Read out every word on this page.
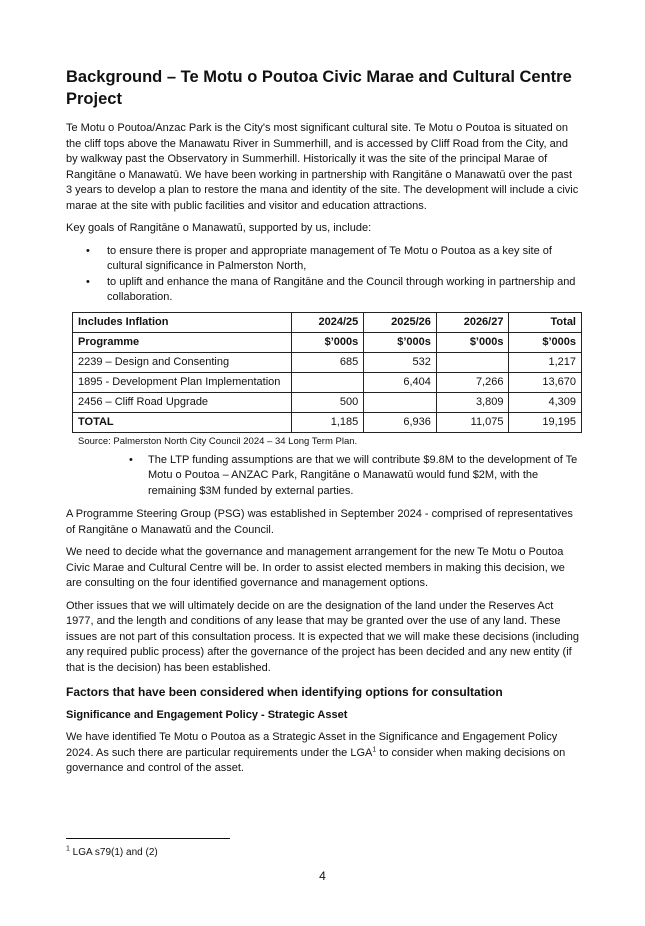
Background – Te Motu o Poutoa Civic Marae and Cultural Centre Project

Te Motu o Poutoa/Anzac Park is the City's most significant cultural site. Te Motu o Poutoa is situated on the cliff tops above the Manawatu River in Summerhill, and is accessed by Cliff Road from the City, and by walkway past the Observatory in Summerhill. Historically it was the site of the principal Marae of Rangitāne o Manawatū. We have been working in partnership with Rangitāne o Manawatū over the past 3 years to develop a plan to restore the mana and identity of the site. The development will include a civic marae at the site with public facilities and visitor and education attractions.

Key goals of Rangitāne o Manawatū, supported by us, include:

• to ensure there is proper and appropriate management of Te Motu o Poutoa as a key site of cultural significance in Palmerston North,
• to uplift and enhance the mana of Rangitāne and the Council through working in partnership and collaboration.
Includes Inflation	2024/25	2025/26	2026/27	Total
Programme	$’000s	$’000s	$’000s	$’000s
2239 – Design and Consenting	685	532		1,217
1895 - Development Plan Implementation		6,404	7,266	13,670
2456 – Cliff Road Upgrade	500		3,809	4,309
TOTAL	1,185	6,936	11,075	19,195
Source: Palmerston North City Council 2024 – 34 Long Term Plan.
• The LTP funding assumptions are that we will contribute $9.8M to the development of Te Motu o Poutoa – ANZAC Park, Rangitāne o Manawatū would fund $2M, with the remaining $3M funded by external parties.

A Programme Steering Group (PSG) was established in September 2024 - comprised of representatives of Rangitāne o Manawatū and the Council.

We need to decide what the governance and management arrangement for the new Te Motu o Poutoa Civic Marae and Cultural Centre will be. In order to assist elected members in making this decision, we are consulting on the four identified governance and management options.

Other issues that we will ultimately decide on are the designation of the land under the Reserves Act 1977, and the length and conditions of any lease that may be granted over the use of any land. These issues are not part of this consultation process. It is expected that we will make these decisions (including any required public process) after the governance of the project has been decided and any new entity (if that is the decision) has been established.

Factors that have been considered when identifying options for consultation
Significance and Engagement Policy - Strategic Asset

We have identified Te Motu o Poutoa as a Strategic Asset in the Significance and Engagement Policy 2024. As such there are particular requirements under the LGA$^1$ to consider when making decisions on governance and control of the asset.

$^1$ LGA s79(1) and (2)
4
